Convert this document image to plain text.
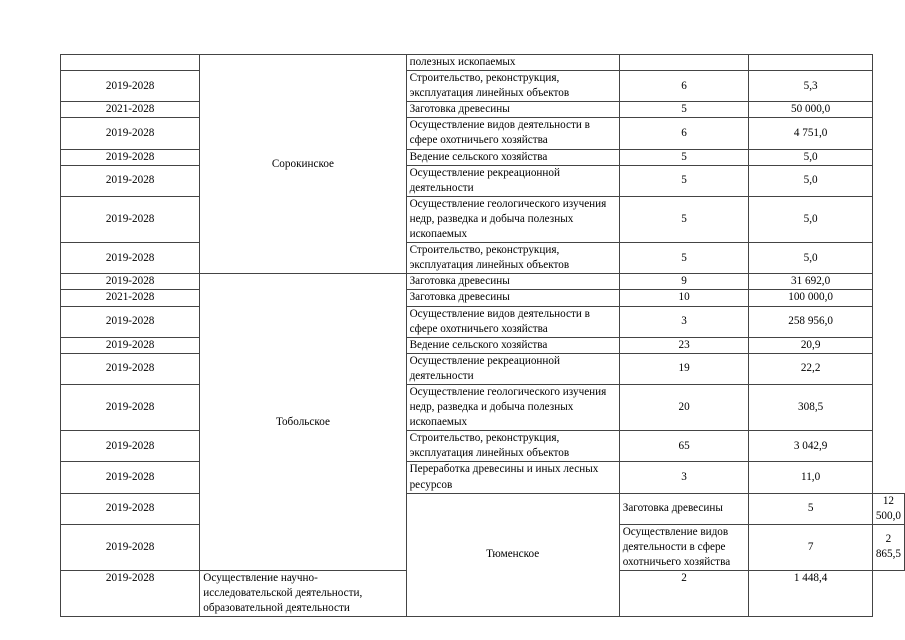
	Сорокинское	полезных ископаемых			
2019-2028		Строительство, реконструкция, эксплуатация линейных объектов	6	5,3	
2021-2028		Заготовка древесины	5	50 000,0	
2019-2028		Осуществление видов деятельности в сфере охотничьего хозяйства	6	4 751,0	
2019-2028		Ведение сельского хозяйства	5	5,0	
2019-2028		Осуществление рекреационной деятельности	5	5,0	
2019-2028		Осуществление геологического изучения недр, разведка и добыча полезных ископаемых	5	5,0	
2019-2028		Строительство, реконструкция, эксплуатация линейных объектов	5	5,0	
2019-2028	Тобольское	Заготовка древесины	9	31 692,0	
2021-2028		Заготовка древесины	10	100 000,0	
2019-2028		Осуществление видов деятельности в сфере охотничьего хозяйства	3	258 956,0	
2019-2028		Ведение сельского хозяйства	23	20,9	
2019-2028		Осуществление рекреационной деятельности	19	22,2	
2019-2028		Осуществление геологического изучения недр, разведка и добыча полезных ископаемых	20	308,5	
2019-2028		Строительство, реконструкция, эксплуатация линейных объектов	65	3 042,9	
2019-2028		Переработка древесины и иных лесных ресурсов	3	11,0	
2019-2028		Тюменское	Заготовка древесины	5	12 500,0
2019-2028			Осуществление видов деятельности в сфере охотничьего хозяйства	7	2 865,5
2019-2028	Осуществление научно-исследовательской деятельности, образовательной деятельности		2	1 448,4	
